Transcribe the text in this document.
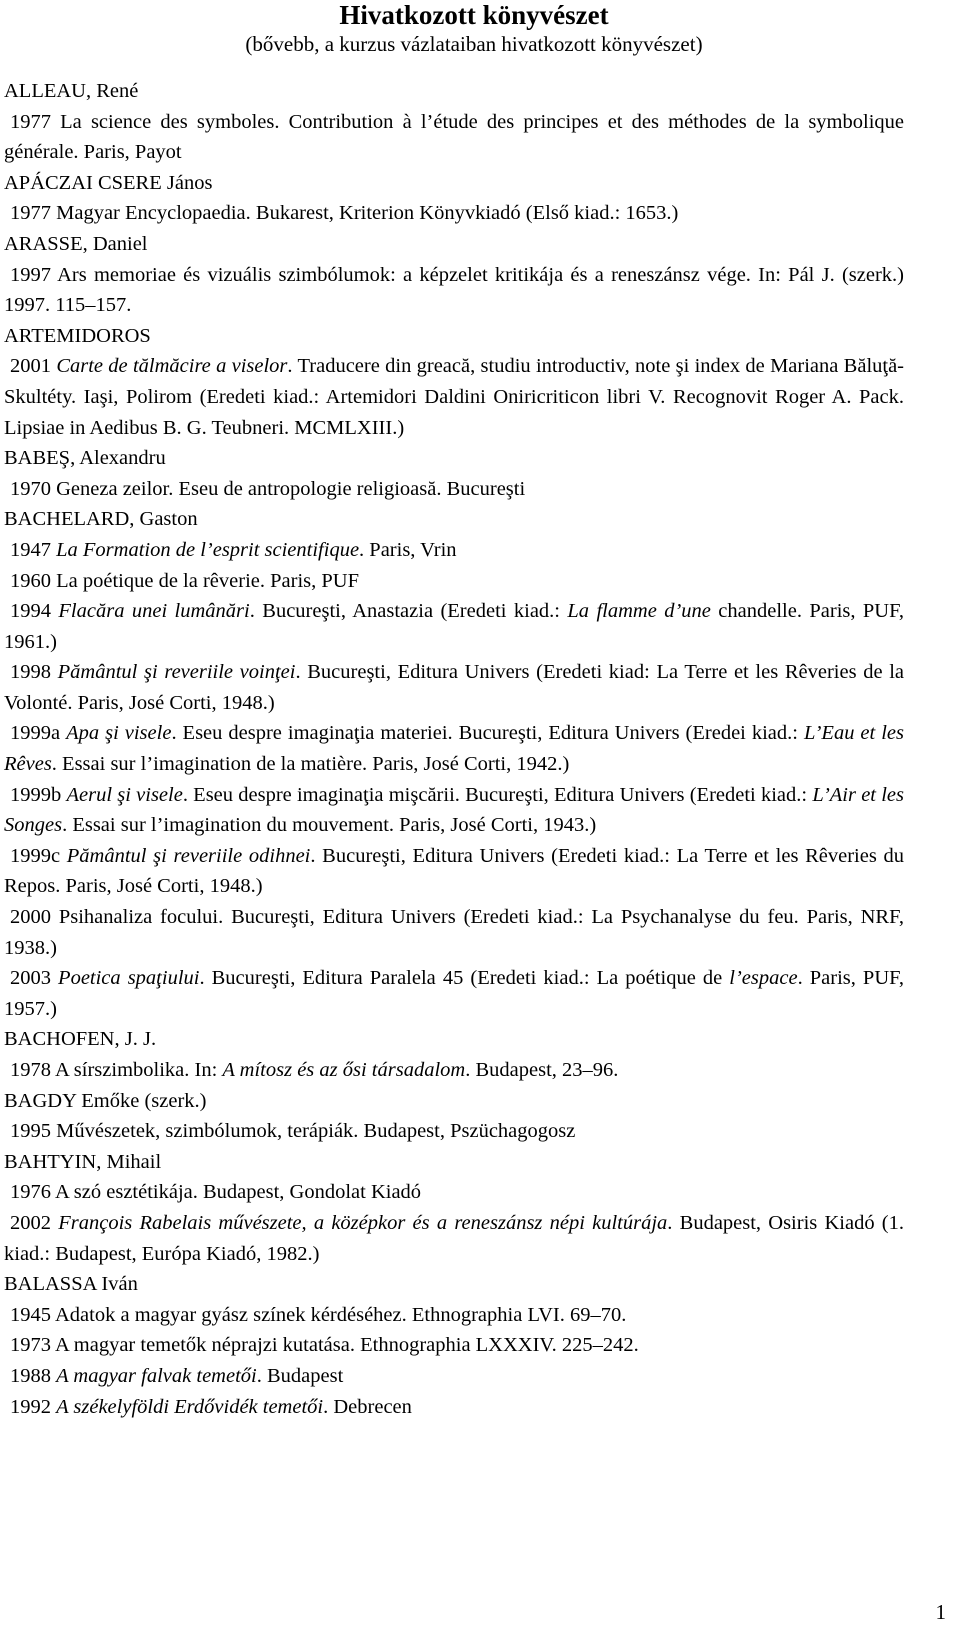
Hivatkozott könyvészet
(bővebb, a kurzus vázlataiban hivatkozott könyvészet)
ALLEAU, René
1977 La science des symboles. Contribution à l’étude des principes et des méthodes de la symbolique générale. Paris, Payot
APÁCZAI CSERE János
1977 Magyar Encyclopaedia. Bukarest, Kriterion Könyvkiadó (Első kiad.: 1653.)
ARASSE, Daniel
1997 Ars memoriae és vizuális szimbólumok: a képzelet kritikája és a reneszánsz vége. In: Pál J. (szerk.) 1997. 115–157.
ARTEMIDOROS
2001 Carte de tălmăcire a viselor. Traducere din greacă, studiu introductiv, note şi index de Mariana Băluţă-Skultéty. Iaşi, Polirom (Eredeti kiad.: Artemidori Daldini Oniricriticon libri V. Recognovit Roger A. Pack. Lipsiae in Aedibus B. G. Teubneri. MCMLXIII.)
BABEŞ, Alexandru
1970 Geneza zeilor. Eseu de antropologie religioasă. Bucureşti
BACHELARD, Gaston
1947 La Formation de l’esprit scientifique. Paris, Vrin
1960 La poétique de la rêverie. Paris, PUF
1994 Flacăra unei lumânări. Bucureşti, Anastazia (Eredeti kiad.: La flamme d’une chandelle. Paris, PUF, 1961.)
1998 Pământul şi reveriile voinţei. Bucureşti, Editura Univers (Eredeti kiad: La Terre et les Rêveries de la Volonté. Paris, José Corti, 1948.)
1999a Apa şi visele. Eseu despre imaginaţia materiei. Bucureşti, Editura Univers (Eredei kiad.: L’Eau et les Rêves. Essai sur l’imagination de la matière. Paris, José Corti, 1942.)
1999b Aerul şi visele. Eseu despre imaginaţia mişcării. Bucureşti, Editura Univers (Eredeti kiad.: L’Air et les Songes. Essai sur l’imagination du mouvement. Paris, José Corti, 1943.)
1999c Pământul şi reveriile odihnei. Bucureşti, Editura Univers (Eredeti kiad.: La Terre et les Rêveries du Repos. Paris, José Corti, 1948.)
2000 Psihanaliza focului. Bucureşti, Editura Univers (Eredeti kiad.: La Psychanalyse du feu. Paris, NRF, 1938.)
2003 Poetica spaţiului. Bucureşti, Editura Paralela 45 (Eredeti kiad.: La poétique de l’espace. Paris, PUF, 1957.)
BACHOFEN, J. J.
1978 A sírszimbolika. In: A mítosz és az ősi társadalom. Budapest, 23–96.
BAGDY Emőke (szerk.)
1995 Művészetek, szimbólumok, terápiák. Budapest, Pszüchagogosz
BAHTYIN, Mihail
1976 A szó esztétikája. Budapest, Gondolat Kiadó
2002 François Rabelais művészete, a középkor és a reneszánsz népi kultúrája. Budapest, Osiris Kiadó (1. kiad.: Budapest, Európa Kiadó, 1982.)
BALASSA Iván
1945 Adatok a magyar gyász színek kérdéséhez. Ethnographia LVI. 69–70.
1973 A magyar temetők néprajzi kutatása. Ethnographia LXXXIV. 225–242.
1988 A magyar falvak temetői. Budapest
1992 A székelyföldi Erdővidék temetői. Debrecen
1
